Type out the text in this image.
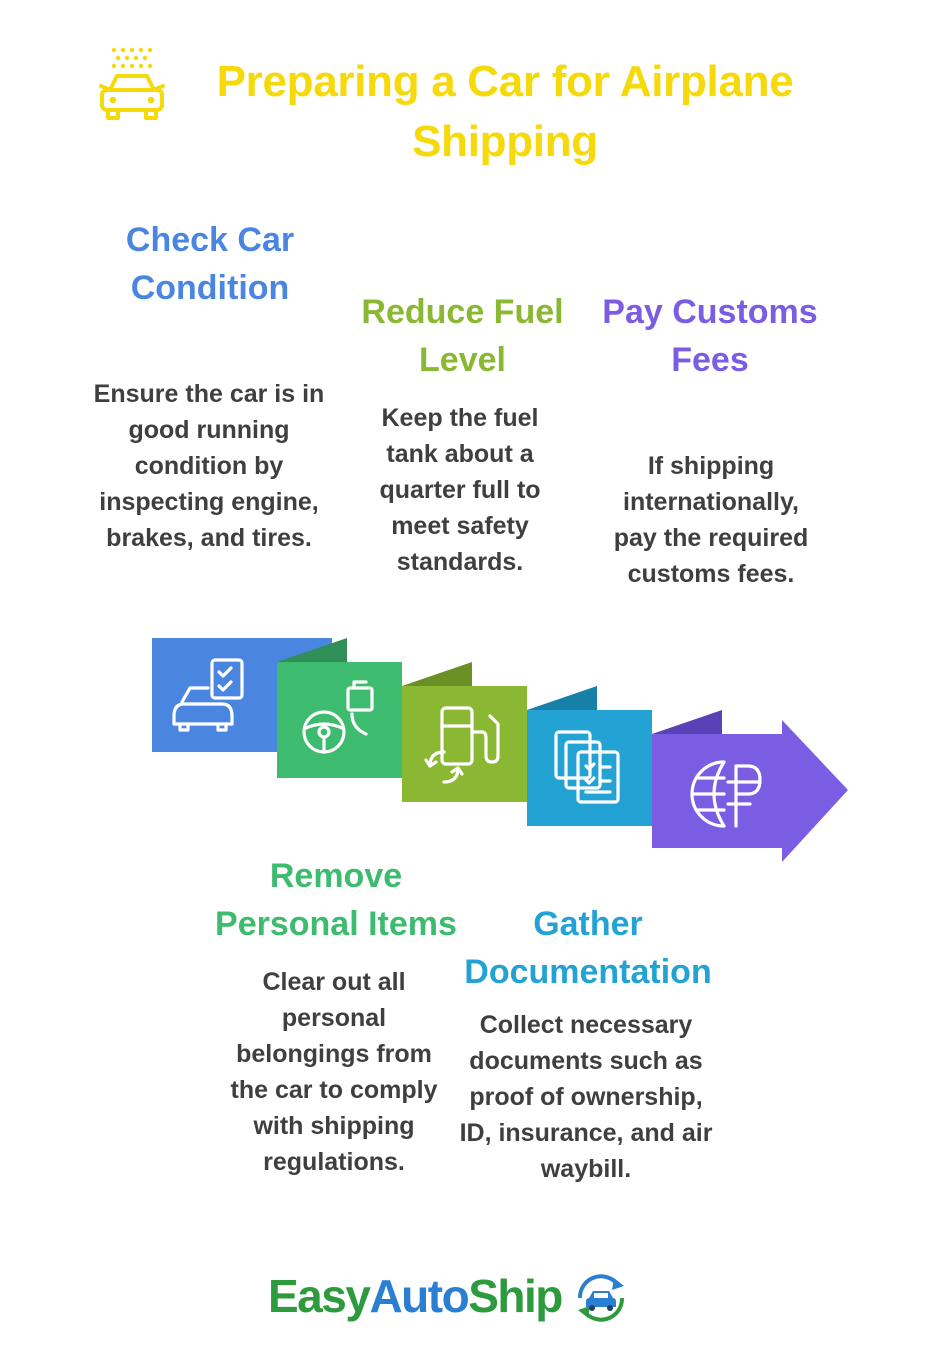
Preparing a Car for Airplane Shipping
Check Car Condition
Ensure the car is in good running condition by inspecting engine, brakes, and tires.
Reduce Fuel Level
Keep the fuel tank about a quarter full to meet safety standards.
Pay Customs Fees
If shipping internationally, pay the required customs fees.
Remove Personal Items
Clear out all personal belongings from the car to comply with shipping regulations.
Gather Documentation
Collect necessary documents such as proof of ownership, ID, insurance, and air waybill.
EasyAutoShip
